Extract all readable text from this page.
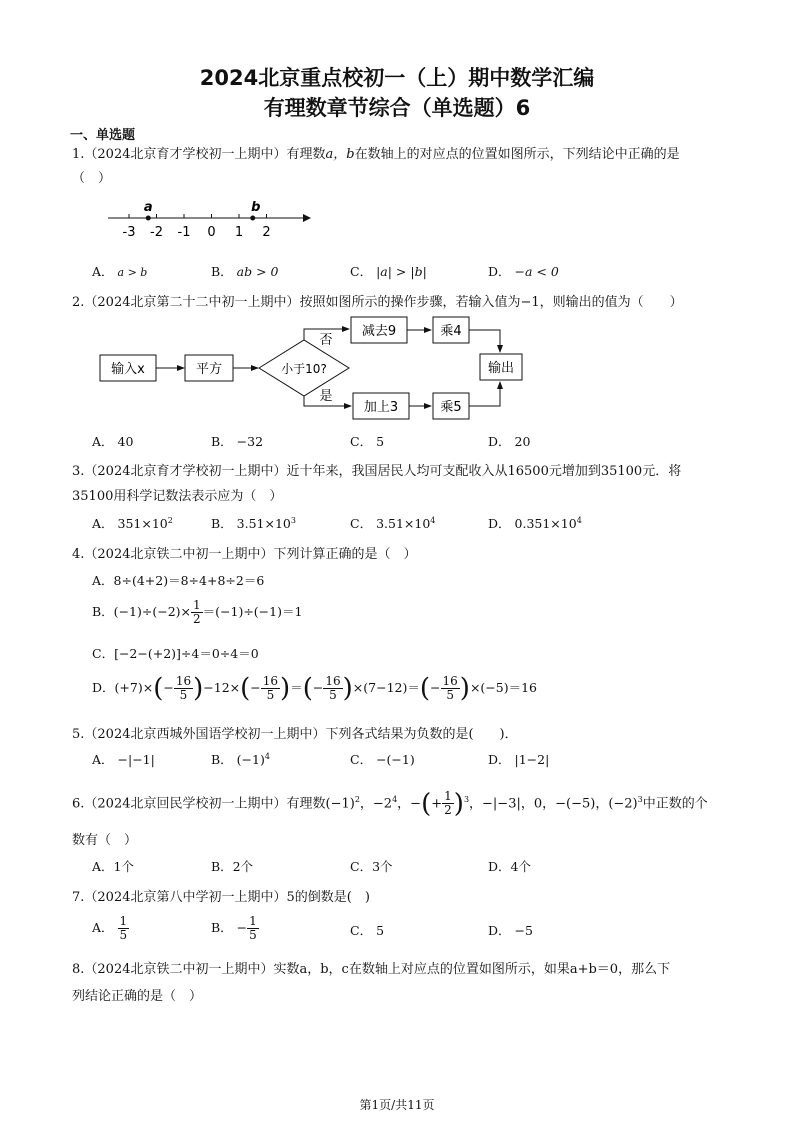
2024北京重点校初一（上）期中数学汇编
有理数章节综合（单选题）6
一、单选题
1.（2024北京育才学校初一上期中）有理数a，b在数轴上的对应点的位置如图所示，下列结论中正确的是
（　）
-3 -2 -1 0 1 2
a	b
A． a > b	B． ab > 0	C． |a| > |b|	D． −a < 0
2.（2024北京第二十二中初一上期中）按照如图所示的操作步骤，若输入值为−1，则输出的值为（　　）
输入x	平方	小于10?
否
减去9	乘4
输出
是
加上3	乘5
A． 40	B． −32	C． 5	D． 20
3.（2024北京育才学校初一上期中）近十年来，我国居民人均可支配收入从16500元增加到35100元．将
35100用科学记数法表示应为（　）
A． $351\times 10^2$	B． $3.51\times 10^3$	C． $3.51\times 10^4$	D． $0.351\times 10^4$
4.（2024北京铁二中初一上期中）下列计算正确的是（　）
A．8÷(4+2)＝8÷4+8÷2＝6
B．$(-1)\div(-2)\times \frac{1}{2} =(-1)\div(-1)=1$
C．[−2−(+2)]÷4＝0÷4＝0
D．$(+7)\times(- \frac{16}{5} )-12\times(- \frac{16}{5}$ )＝(− $\frac{16}{5} )\times(7-12)=(- \frac{16}{5} )\times(-5)=16$
5.（2024北京西城外国语学校初一上期中）下列各式结果为负数的是(　　)．
A． −|−1|	B． $(-1)^4$	C． −(−1)	D． |1−2|
6.（2024北京回民学校初一上期中）有理数$(-1)^2$，$-2^4$，−(+ $\frac{1}{2} )^3$，−|−3|，0，−(−5)，$(-2)^3$中正数的个
数有（　）
A．1个	B．2个	C．3个	D．4个
7.（2024北京第八中学初一上期中）5的倒数是(　)
A． $\frac{1}{5}$	B． − $\frac{1}{5}$	C． 5	D． −5
8.（2024北京铁二中初一上期中）实数a，b，c在数轴上对应点的位置如图所示，如果a+b＝0，那么下
列结论正确的是（　）
第1页/共11页
